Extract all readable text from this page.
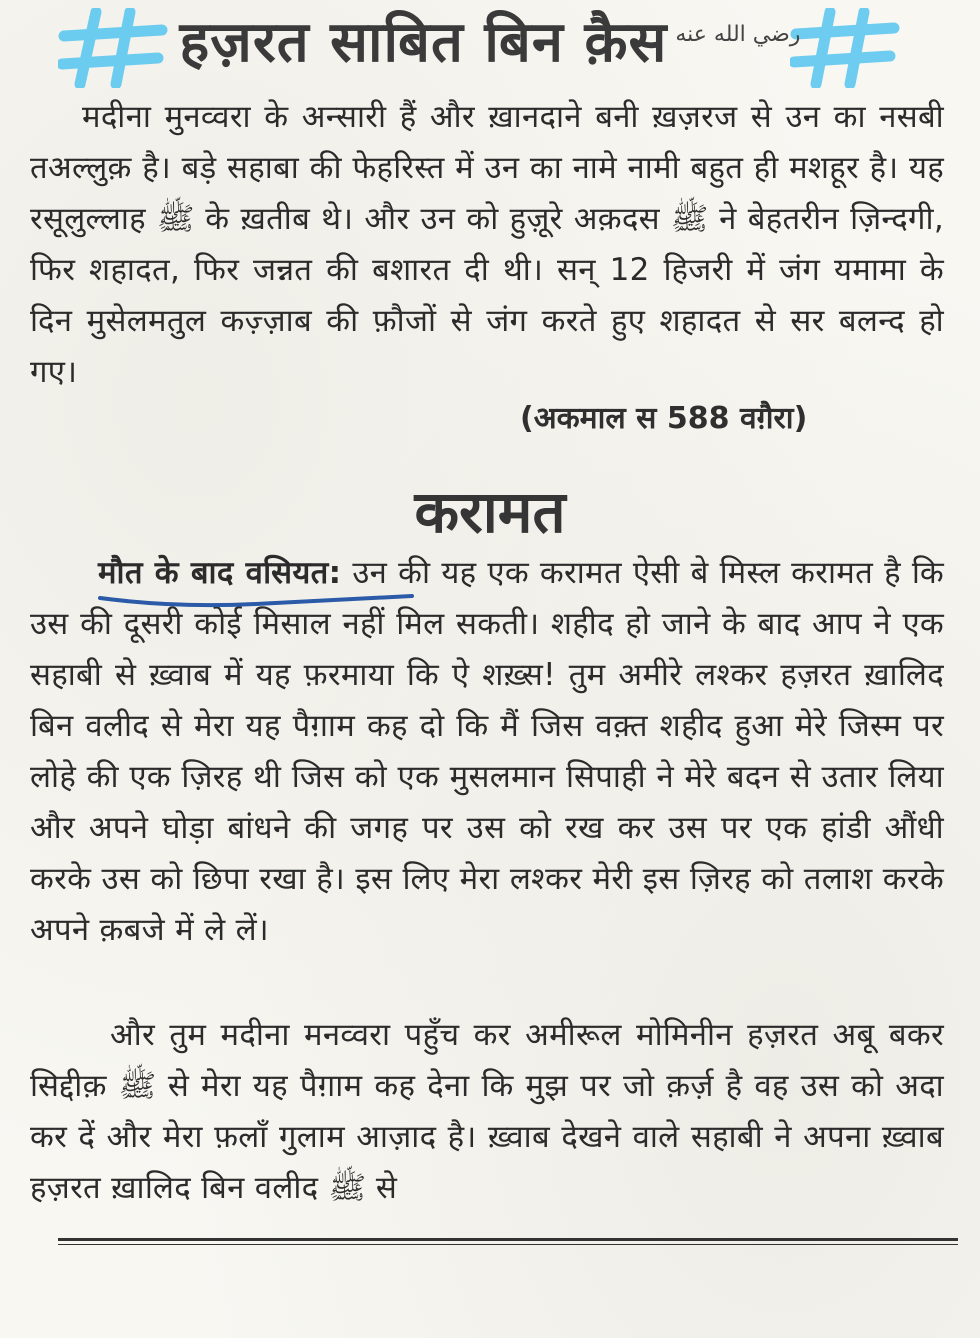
हज़रत साबित बिन क़ैस رضي الله عنه

मदीना मुनव्वरा के अन्सारी हैं और ख़ानदाने बनी ख़ज़रज से उन का नसबी तअल्लुक़ है। बड़े सहाबा की फेहरिस्त में उन का नामे नामी बहुत ही मशहूर है। यह रसूलुल्लाह ﷺ के ख़तीब थे। और उन को हुज़ूरे अक़दस ﷺ ने बेहतरीन ज़िन्दगी, फिर शहादत, फिर जन्नत की बशारत दी थी। सन् 12 हिजरी में जंग यमामा के दिन मुसेलमतुल कज़्ज़ाब की फ़ौजों से जंग करते हुए शहादत से सर बलन्द हो गए।

(अकमाल स 588 वग़ैरा)
करामत

मौत के बाद वसियत: उन की यह एक करामत ऐसी बे मिस्ल करामत है कि उस की दूसरी कोई मिसाल नहीं मिल सकती। शहीद हो जाने के बाद आप ने एक सहाबी से ख़्वाब में यह फ़रमाया कि ऐ शख़्स! तुम अमीरे लश्कर हज़रत ख़ालिद बिन वलीद से मेरा यह पैग़ाम कह दो कि मैं जिस वक़्त शहीद हुआ मेरे जिस्म पर लोहे की एक ज़िरह थी जिस को एक मुसलमान सिपाही ने मेरे बदन से उतार लिया और अपने घोड़ा बांधने की जगह पर उस को रख कर उस पर एक हांडी औंधी करके उस को छिपा रखा है। इस लिए मेरा लश्कर मेरी इस ज़िरह को तलाश करके अपने क़बजे में ले लें।

और तुम मदीना मनव्वरा पहुँच कर अमीरूल मोमिनीन हज़रत अबू बकर सिद्दीक़ ﷺ से मेरा यह पैग़ाम कह देना कि मुझ पर जो क़र्ज़ है वह उस को अदा कर दें और मेरा फ़लाँ गुलाम आज़ाद है। ख़्वाब देखने वाले सहाबी ने अपना ख़्वाब हज़रत ख़ालिद बिन वलीद ﷺ से
